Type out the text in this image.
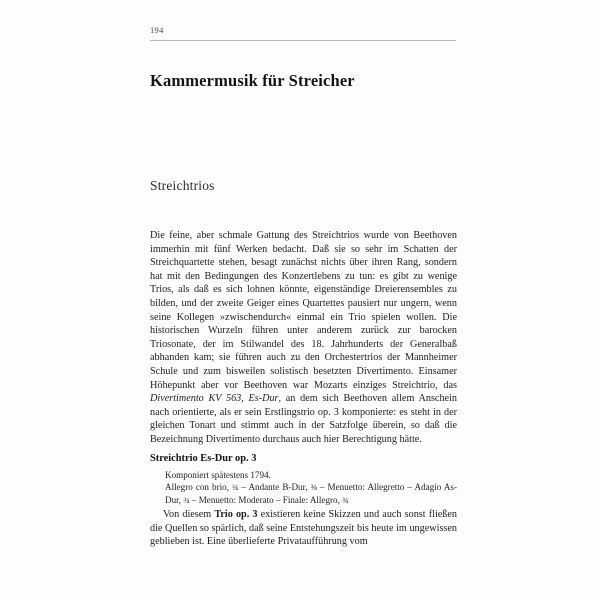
194
Kammermusik für Streicher
Streichtrios

Die feine, aber schmale Gattung des Streichtrios wurde von Beethoven immerhin mit fünf Werken bedacht. Daß sie so sehr im Schatten der Streichquartette stehen, besagt zunächst nichts über ihren Rang, sondern hat mit den Bedingungen des Konzertlebens zu tun: es gibt zu wenige Trios, als daß es sich lohnen könnte, eigenständige Dreierensembles zu bilden, und der zweite Geiger eines Quartettes pausiert nur ungern, wenn seine Kollegen »zwischendurch« einmal ein Trio spielen wollen. Die historischen Wurzeln führen unter anderem zurück zur barocken Triosonate, der im Stilwandel des 18. Jahrhunderts der Generalbaß abhanden kam; sie führen auch zu den Orchestertrios der Mannheimer Schule und zum bisweilen solistisch besetzten Divertimento. Einsamer Höhepunkt aber vor Beethoven war Mozarts einziges Streichtrio, das Divertimento KV 563, Es-Dur, an dem sich Beethoven allem Anschein nach orientierte, als er sein Erstlingstrio op. 3 komponierte: es steht in der gleichen Tonart und stimmt auch in der Satzfolge überein, so daß die Bezeichnung Divertimento durchaus auch hier Berechtigung hätte.

Streichtrio Es-Dur op. 3

Komponiert spätestens 1794.

Allegro con brio, ¾ – Andante B-Dur, ⅜ – Menuetto: Allegretto – Adagio As-Dur, ¾ – Menuetto: Moderato – Finale: Allegro, ¾

Von diesem Trio op. 3 existieren keine Skizzen und auch sonst fließen die Quellen so spärlich, daß seine Entstehungszeit bis heute im ungewissen geblieben ist. Eine überlieferte Privataufführung vom
